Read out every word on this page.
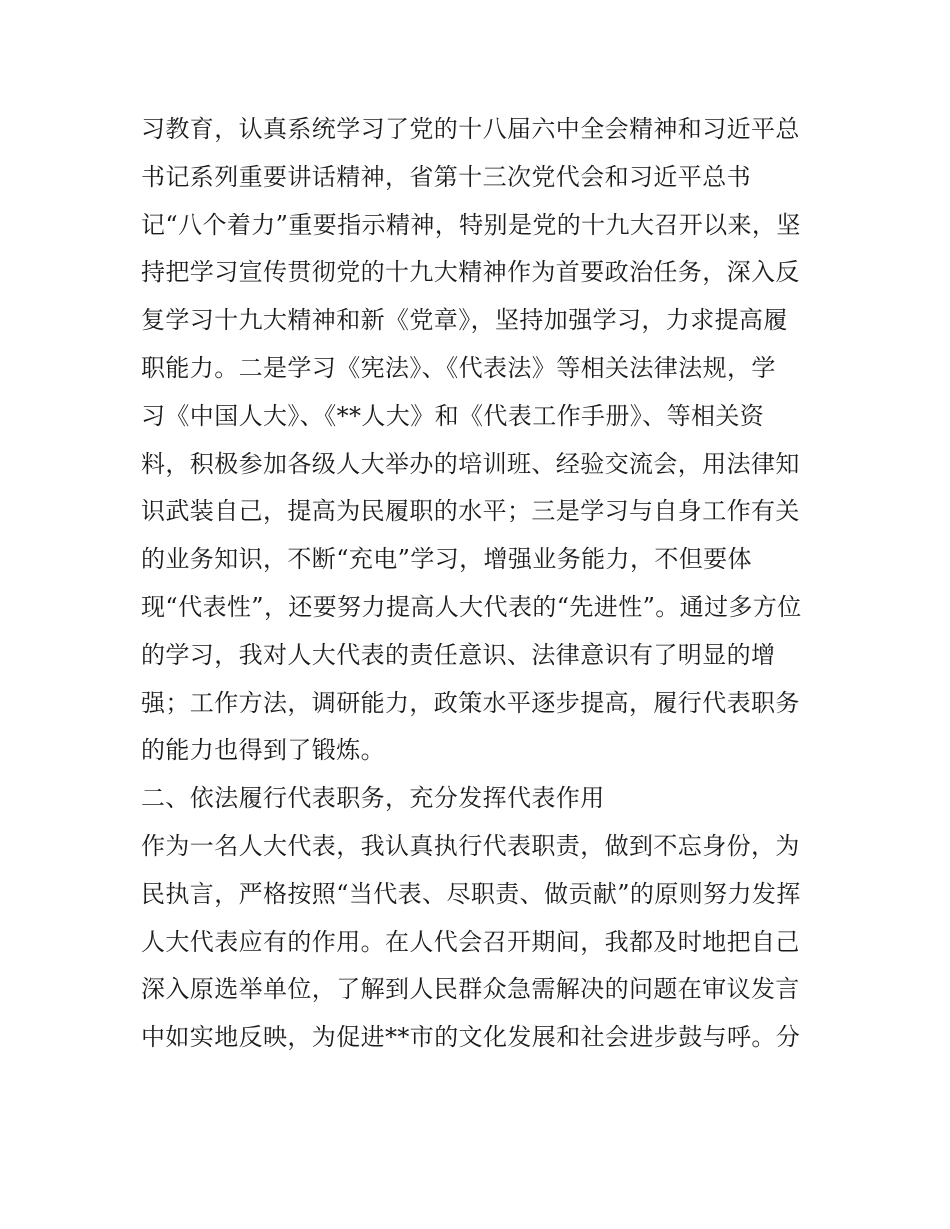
习教育，认真系统学习了党的十八届六中全会精神和习近平总
书记系列重要讲话精神，省第十三次党代会和习近平总书
记“八个着力”重要指示精神，特别是党的十九大召开以来，坚
持把学习宣传贯彻党的十九大精神作为首要政治任务，深入反
复学习十九大精神和新《党章》，坚持加强学习，力求提高履
职能力。二是学习《宪法》、《代表法》等相关法律法规，学
习《中国人大》、《**人大》和《代表工作手册》、等相关资
料，积极参加各级人大举办的培训班、经验交流会，用法律知
识武装自己，提高为民履职的水平；三是学习与自身工作有关
的业务知识，不断“充电”学习，增强业务能力，不但要体
现“代表性”，还要努力提高人大代表的“先进性”。通过多方位
的学习，我对人大代表的责任意识、法律意识有了明显的增
强；工作方法，调研能力，政策水平逐步提高，履行代表职务
的能力也得到了锻炼。
二、依法履行代表职务，充分发挥代表作用
作为一名人大代表，我认真执行代表职责，做到不忘身份，为
民执言，严格按照“当代表、尽职责、做贡献”的原则努力发挥
人大代表应有的作用。在人代会召开期间，我都及时地把自己
深入原选举单位，了解到人民群众急需解决的问题在审议发言
中如实地反映，为促进**市的文化发展和社会进步鼓与呼。分
